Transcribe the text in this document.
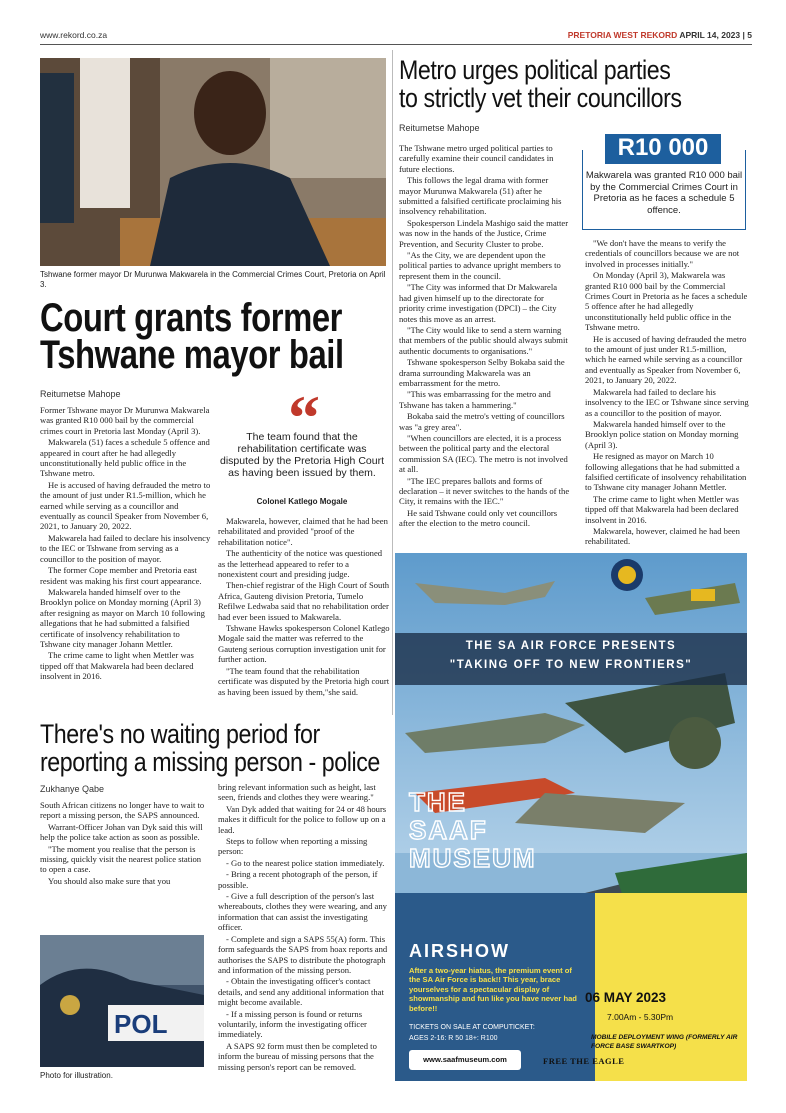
www.rekord.co.za	PRETORIA WEST REKORD APRIL 14, 2023 | 5
Tshwane former mayor Dr Murunwa Makwarela in the Commercial Crimes Court, Pretoria on April 3.
Court grants former
Tshwane mayor bail
Reitumetse Mahope

Former Tshwane mayor Dr Murunwa Makwarela was granted R10 000 bail by the commercial crimes court in Pretoria last Monday (April 3).

Makwarela (51) faces a schedule 5 offence and appeared in court after he had allegedly unconstitutionally held public office in the Tshwane metro.

He is accused of having defrauded the metro to the amount of just under R1.5-million, which he earned while serving as a councillor and eventually as council Speaker from November 6, 2021, to January 20, 2022.

Makwarela had failed to declare his insolvency to the IEC or Tshwane from serving as a councillor to the position of mayor.

The former Cope member and Pretoria east resident was making his first court appearance.

Makwarela handed himself over to the Brooklyn police on Monday morning (April 3) after resigning as mayor on March 10 following allegations that he had submitted a falsified certificate of insolvency rehabilitation to Tshwane city manager Johann Mettler.

The crime came to light when Mettler was tipped off that Makwarela had been declared insolvent in 2016.

“
The team found that the rehabilitation certificate was disputed by the Pretoria High Court as having been issued by them.
Colonel Katlego Mogale

Makwarela, however, claimed that he had been rehabilitated and provided "proof of the rehabilitation notice".

The authenticity of the notice was questioned as the letterhead appeared to refer to a nonexistent court and presiding judge.

Then-chief registrar of the High Court of South Africa, Gauteng division Pretoria, Tumelo Refilwe Ledwaba said that no rehabilitation order had ever been issued to Makwarela.

Tshwane Hawks spokesperson Colonel Katlego Mogale said the matter was referred to the Gauteng serious corruption investigation unit for further action.

"The team found that the rehabilitation certificate was disputed by the Pretoria high court as having been issued by them,"she said.

Metro urges political parties
to strictly vet their councillors
Reitumetse Mahope

The Tshwane metro urged political parties to carefully examine their council candidates in future elections.

This follows the legal drama with former mayor Murunwa Makwarela (51) after he submitted a falsified certificate proclaiming his insolvency rehabilitation.

Spokesperson Lindela Mashigo said the matter was now in the hands of the Justice, Crime Prevention, and Security Cluster to probe.

"As the City, we are dependent upon the political parties to advance upright members to represent them in the council.

"The City was informed that Dr Makwarela had given himself up to the directorate for priority crime investigation (DPCI) – the City notes this move as an arrest.

"The City would like to send a stern warning that members of the public should always submit authentic documents to organisations."

Tshwane spokesperson Selby Bokaba said the drama surrounding Makwarela was an embarrassment for the metro.

"This was embarrassing for the metro and Tshwane has taken a hammering."

Bokaba said the metro's vetting of councillors was "a grey area".

"When councillors are elected, it is a process between the political party and the electoral commission SA (IEC). The metro is not involved at all.

"The IEC prepares ballots and forms of declaration – it never switches to the hands of the City, it remains with the IEC."

He said Tshwane could only vet councillors after the election to the metro council.

R10 000
Makwarela was granted R10 000 bail by the Commercial Crimes Court in Pretoria as he faces a schedule 5 offence.

"We don't have the means to verify the credentials of councillors because we are not involved in processes initially."

On Monday (April 3), Makwarela was granted R10 000 bail by the Commercial Crimes Court in Pretoria as he faces a schedule 5 offence after he had allegedly unconstitutionally held public office in the Tshwane metro.

He is accused of having defrauded the metro to the amount of just under R1.5-million, which he earned while serving as a councillor and eventually as Speaker from November 6, 2021, to January 20, 2022.

Makwarela had failed to declare his insolvency to the IEC or Tshwane since serving as a councillor to the position of mayor.

Makwarela handed himself over to the Brooklyn police station on Monday morning (April 3).

He resigned as mayor on March 10 following allegations that he had submitted a falsified certificate of insolvency rehabilitation to Tshwane city manager Johann Mettler.

The crime came to light when Mettler was tipped off that Makwarela had been declared insolvent in 2016.

Makwarela, however, claimed he had been rehabilitated.

There's no waiting period for
reporting a missing person - police
Zukhanye Qabe

South African citizens no longer have to wait to report a missing person, the SAPS announced.

Warrant-Officer Johan van Dyk said this will help the police take action as soon as possible.

"The moment you realise that the person is missing, quickly visit the nearest police station to open a case.

You should also make sure that you

POL
Photo for illustration.

bring relevant information such as height, last seen, friends and clothes they were wearing."

Van Dyk added that waiting for 24 or 48 hours makes it difficult for the police to follow up on a lead.

Steps to follow when reporting a missing person:

- Go to the nearest police station immediately.

- Bring a recent photograph of the person, if possible.

- Give a full description of the person's last whereabouts, clothes they were wearing, and any information that can assist the investigating officer.

- Complete and sign a SAPS 55(A) form. This form safeguards the SAPS from hoax reports and authorises the SAPS to distribute the photograph and information of the missing person.

- Obtain the investigating officer's contact details, and send any additional information that might become available.

- If a missing person is found or returns voluntarily, inform the investigating officer immediately.

A SAPS 92 form must then be completed to inform the bureau of missing persons that the missing person's report can be removed.

THE SA AIR FORCE PRESENTS
"TAKING OFF TO NEW FRONTIERS"
THE
SAAF
MUSEUM
AIRSHOW
After a two-year hiatus, the premium event of the SA Air Force is back!! This year, brace yourselves for a spectacular display of showmanship and fun like you have never had before!!
TICKETS ON SALE AT COMPUTICKET:
AGES 2-16: R 50 18+: R100
06 MAY 2023
7.00Am - 5.30Pm
MOBILE DEPLOYMENT WING (FORMERLY AIR FORCE BASE SWARTKOP)
www.saafmuseum.com	FREE THE EAGLE
